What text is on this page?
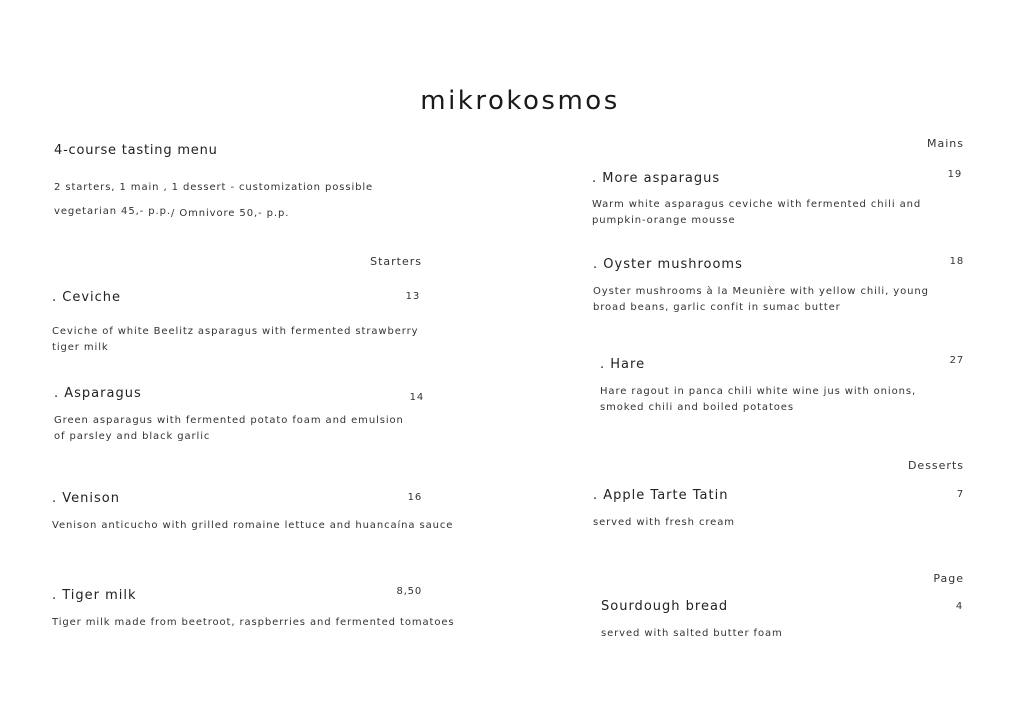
mikrokosmos
4-course tasting menu
2 starters, 1 main , 1 dessert - customization possible
vegetarian 45,- p.p. / Omnivore 50,- p.p.
Starters
. Ceviche	13
Ceviche of white Beelitz asparagus with fermented strawberry tiger milk
. Asparagus	14
Green asparagus with fermented potato foam and emulsion of parsley and black garlic
. Venison	16
Venison anticucho with grilled romaine lettuce and huancaína sauce
. Tiger milk	8,50
Tiger milk made from beetroot, raspberries and fermented tomatoes
Mains
. More asparagus	19
Warm white asparagus ceviche with fermented chili and pumpkin-orange mousse
. Oyster mushrooms	18
Oyster mushrooms à la Meunière with yellow chili, young broad beans, garlic confit in sumac butter
. Hare	27
Hare ragout in panca chili white wine jus with onions, smoked chili and boiled potatoes
Desserts
. Apple Tarte Tatin	7
served with fresh cream
Page
Sourdough bread	4
served with salted butter foam
